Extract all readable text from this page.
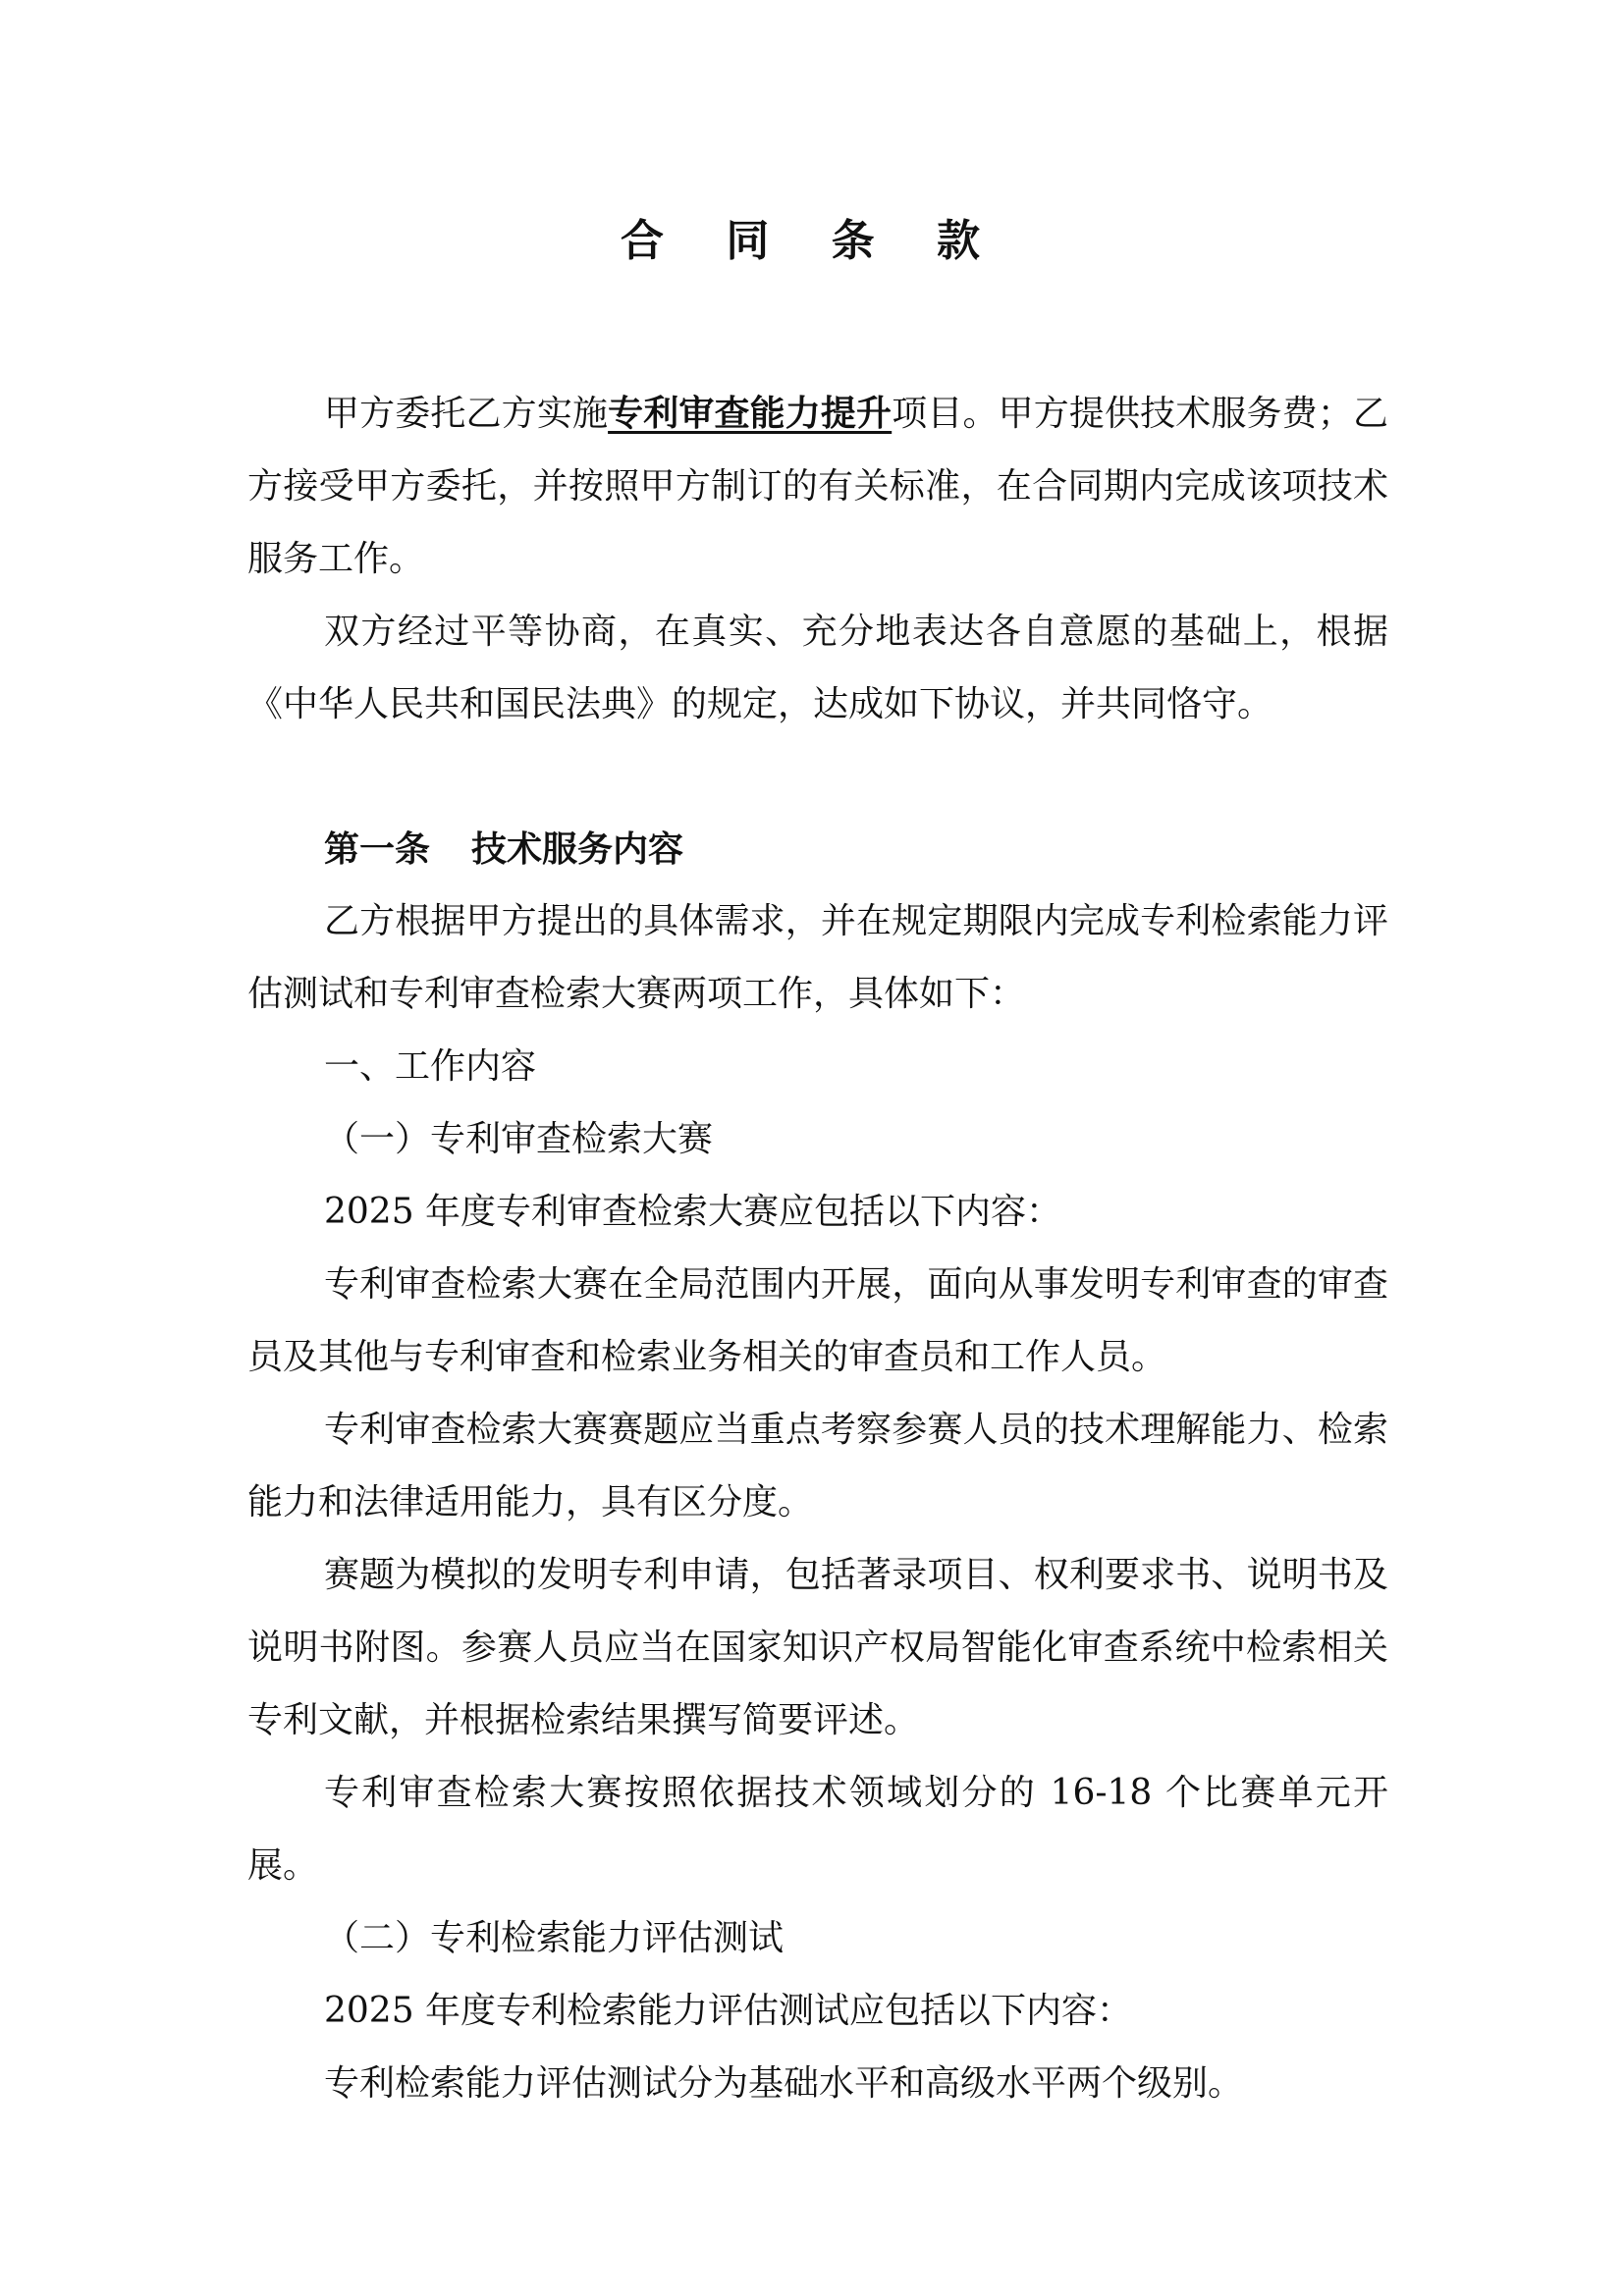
合 同 条 款

甲方委托乙方实施专利审查能力提升项目。甲方提供技术服务费；乙方接受甲方委托，并按照甲方制订的有关标准，在合同期内完成该项技术服务工作。

双方经过平等协商，在真实、充分地表达各自意愿的基础上，根据《中华人民共和国民法典》的规定，达成如下协议，并共同恪守。

第一条 技术服务内容

乙方根据甲方提出的具体需求，并在规定期限内完成专利检索能力评估测试和专利审查检索大赛两项工作，具体如下：

一、工作内容

（一）专利审查检索大赛

2025 年度专利审查检索大赛应包括以下内容：

专利审查检索大赛在全局范围内开展，面向从事发明专利审查的审查员及其他与专利审查和检索业务相关的审查员和工作人员。

专利审查检索大赛赛题应当重点考察参赛人员的技术理解能力、检索能力和法律适用能力，具有区分度。

赛题为模拟的发明专利申请，包括著录项目、权利要求书、说明书及说明书附图。参赛人员应当在国家知识产权局智能化审查系统中检索相关专利文献，并根据检索结果撰写简要评述。

专利审查检索大赛按照依据技术领域划分的 16-18 个比赛单元开展。

（二）专利检索能力评估测试

2025 年度专利检索能力评估测试应包括以下内容：

专利检索能力评估测试分为基础水平和高级水平两个级别。
